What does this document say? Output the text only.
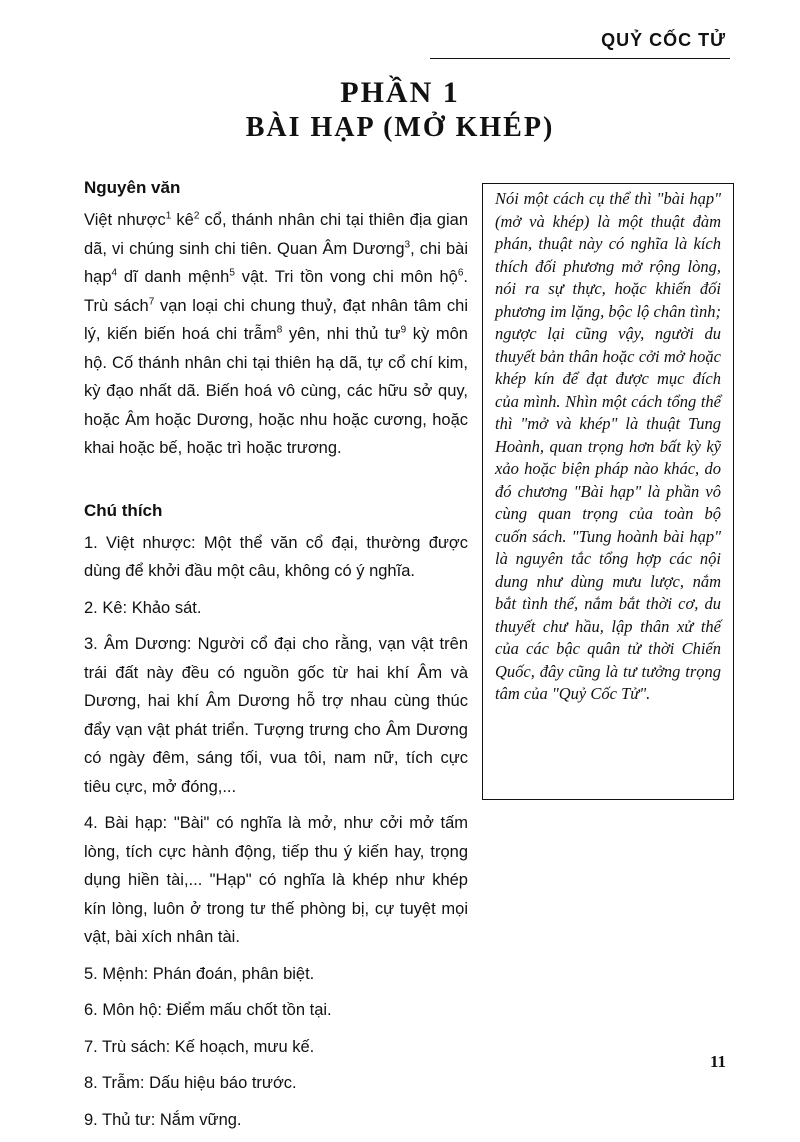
QUỶ CỐC TỬ
PHẦN 1
BÀI HẠP (MỞ KHÉP)
Nguyên văn

Việt nhược$^1$ $kê^2$ cổ, thánh nhân chi tại thiên địa gian dã, vi chúng sinh chi tiên. Quan Âm Dương$^3$, chi bài hạp$^4$ dĩ danh mệnh$^5$ vật. Tri tồn vong chi môn hộ$^6$. Trù sách$^7$ vạn loại chi chung thuỷ, đạt nhân tâm chi lý, kiến biến hoá chi trẫm$^8$ yên, nhi thủ $tư^9$ kỳ môn hộ. Cố thánh nhân chi tại thiên hạ dã, tự cổ chí kim, kỳ đạo nhất dã. Biến hoá vô cùng, các hữu sở quy, hoặc Âm hoặc Dương, hoặc nhu hoặc cương, hoặc khai hoặc bế, hoặc trì hoặc trương.

Chú thích

1. Việt nhược: Một thể văn cổ đại, thường được dùng để khởi đầu một câu, không có ý nghĩa.

2. Kê: Khảo sát.

3. Âm Dương: Người cổ đại cho rằng, vạn vật trên trái đất này đều có nguồn gốc từ hai khí Âm và Dương, hai khí Âm Dương hỗ trợ nhau cùng thúc đẩy vạn vật phát triển. Tượng trưng cho Âm Dương có ngày đêm, sáng tối, vua tôi, nam nữ, tích cực tiêu cực, mở đóng,...

4. Bài hạp: "Bài" có nghĩa là mở, như cởi mở tấm lòng, tích cực hành động, tiếp thu ý kiến hay, trọng dụng hiền tài,... "Hạp" có nghĩa là khép như khép kín lòng, luôn ở trong tư thế phòng bị, cự tuyệt mọi vật, bài xích nhân tài.

5. Mệnh: Phán đoán, phân biệt.

6. Môn hộ: Điểm mấu chốt tồn tại.

7. Trù sách: Kế hoạch, mưu kế.

8. Trẫm: Dấu hiệu báo trước.

9. Thủ tư: Nắm vững.

Nói một cách cụ thể thì "bài hạp"(mở và khép) là một thuật đàm phán, thuật này có nghĩa là kích thích đối phương mở rộng lòng, nói ra sự thực, hoặc khiến đối phương im lặng, bộc lộ chân tình; ngược lại cũng vậy, người du thuyết bản thân hoặc cởi mở hoặc khép kín để đạt được mục đích của mình. Nhìn một cách tổng thể thì "mở và khép" là thuật Tung Hoành, quan trọng hơn bất kỳ kỹ xảo hoặc biện pháp nào khác, do đó chương "Bài hạp" là phần vô cùng quan trọng của toàn bộ cuốn sách. "Tung hoành bài hạp" là nguyên tắc tổng hợp các nội dung như dùng mưu lược, nắm bắt tình thế, nắm bắt thời cơ, du thuyết chư hầu, lập thân xử thế của các bậc quân tử thời Chiến Quốc, đây cũng là tư tưởng trọng tâm của "Quỷ Cốc Tử".

11
